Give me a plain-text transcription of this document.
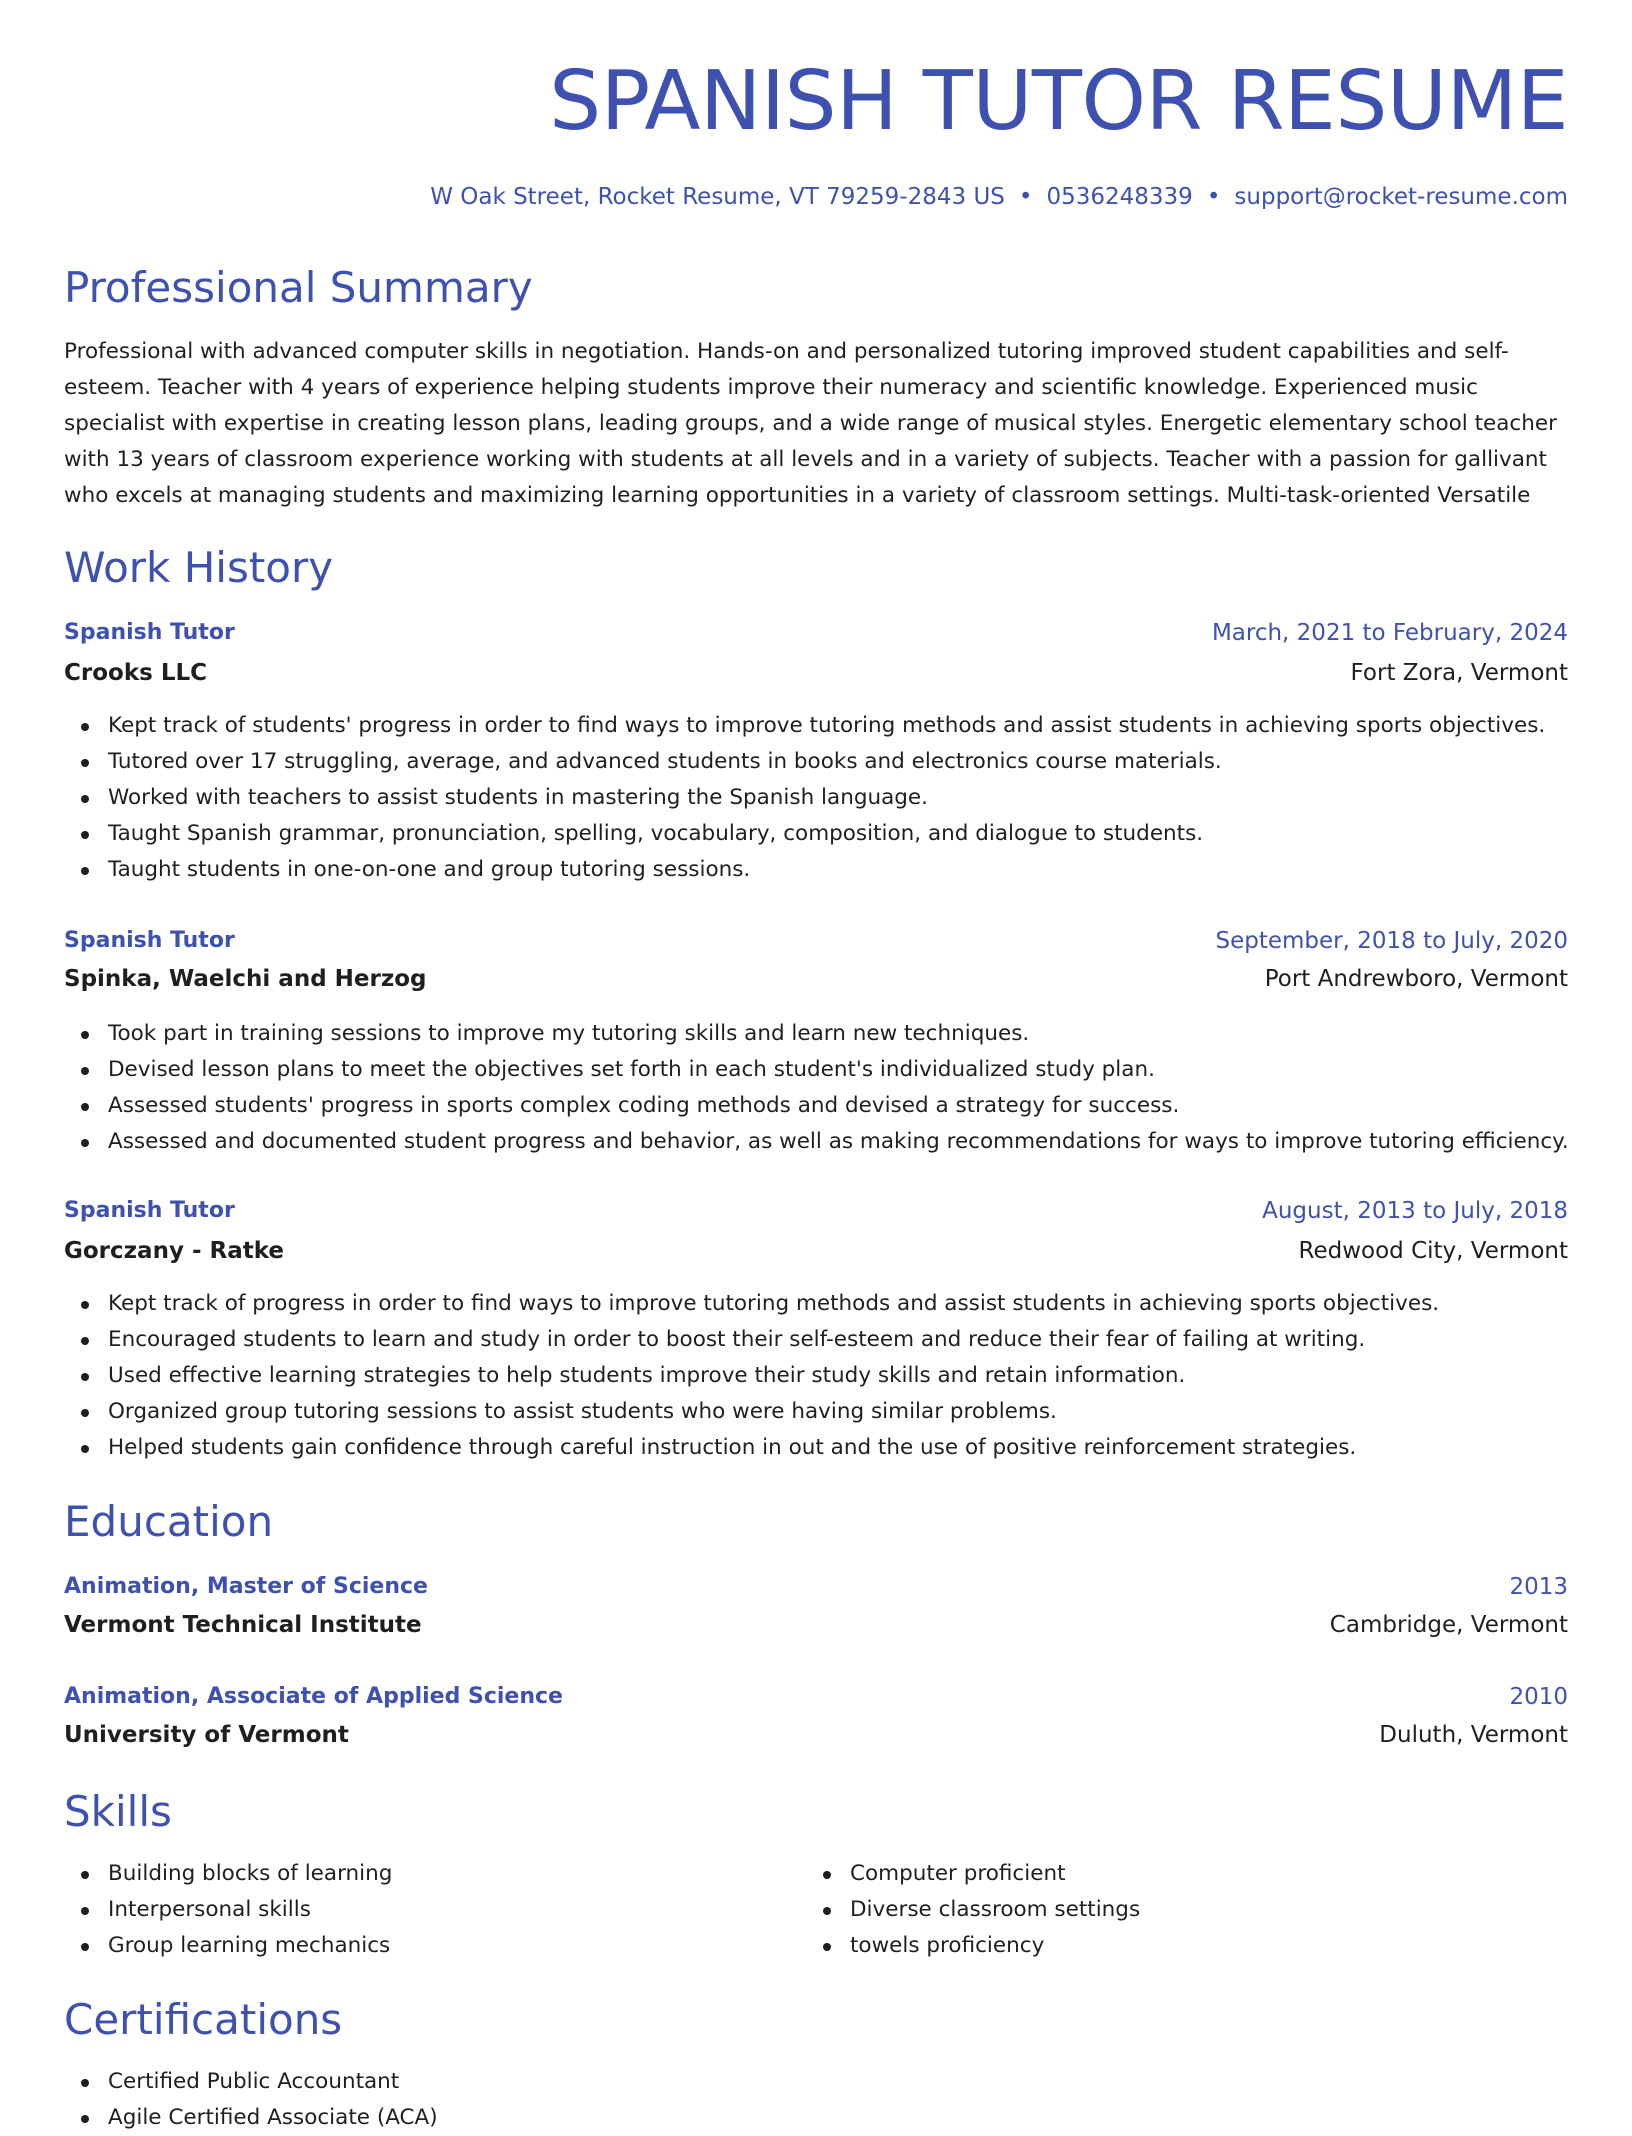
SPANISH TUTOR RESUME
W Oak Street, Rocket Resume, VT 79259-2843 US • 0536248339 • support@rocket-resume.com
Professional Summary
Professional with advanced computer skills in negotiation. Hands-on and personalized tutoring improved student capabilities and self-esteem. Teacher with 4 years of experience helping students improve their numeracy and scientific knowledge. Experienced music specialist with expertise in creating lesson plans, leading groups, and a wide range of musical styles. Energetic elementary school teacher with 13 years of classroom experience working with students at all levels and in a variety of subjects. Teacher with a passion for gallivant who excels at managing students and maximizing learning opportunities in a variety of classroom settings. Multi-task-oriented Versatile
Work History
Spanish Tutor	March, 2021 to February, 2024
Crooks LLC	Fort Zora, Vermont
Kept track of students' progress in order to find ways to improve tutoring methods and assist students in achieving sports objectives.
Tutored over 17 struggling, average, and advanced students in books and electronics course materials.
Worked with teachers to assist students in mastering the Spanish language.
Taught Spanish grammar, pronunciation, spelling, vocabulary, composition, and dialogue to students.
Taught students in one-on-one and group tutoring sessions.
Spanish Tutor	September, 2018 to July, 2020
Spinka, Waelchi and Herzog	Port Andrewboro, Vermont
Took part in training sessions to improve my tutoring skills and learn new techniques.
Devised lesson plans to meet the objectives set forth in each student's individualized study plan.
Assessed students' progress in sports complex coding methods and devised a strategy for success.
Assessed and documented student progress and behavior, as well as making recommendations for ways to improve tutoring efficiency.
Spanish Tutor	August, 2013 to July, 2018
Gorczany - Ratke	Redwood City, Vermont
Kept track of progress in order to find ways to improve tutoring methods and assist students in achieving sports objectives.
Encouraged students to learn and study in order to boost their self-esteem and reduce their fear of failing at writing.
Used effective learning strategies to help students improve their study skills and retain information.
Organized group tutoring sessions to assist students who were having similar problems.
Helped students gain confidence through careful instruction in out and the use of positive reinforcement strategies.
Education
Animation, Master of Science	2013
Vermont Technical Institute	Cambridge, Vermont
Animation, Associate of Applied Science	2010
University of Vermont	Duluth, Vermont
Skills
Building blocks of learning
Interpersonal skills
Group learning mechanics
Computer proficient
Diverse classroom settings
towels proficiency
Certifications
Certified Public Accountant
Agile Certified Associate (ACA)
